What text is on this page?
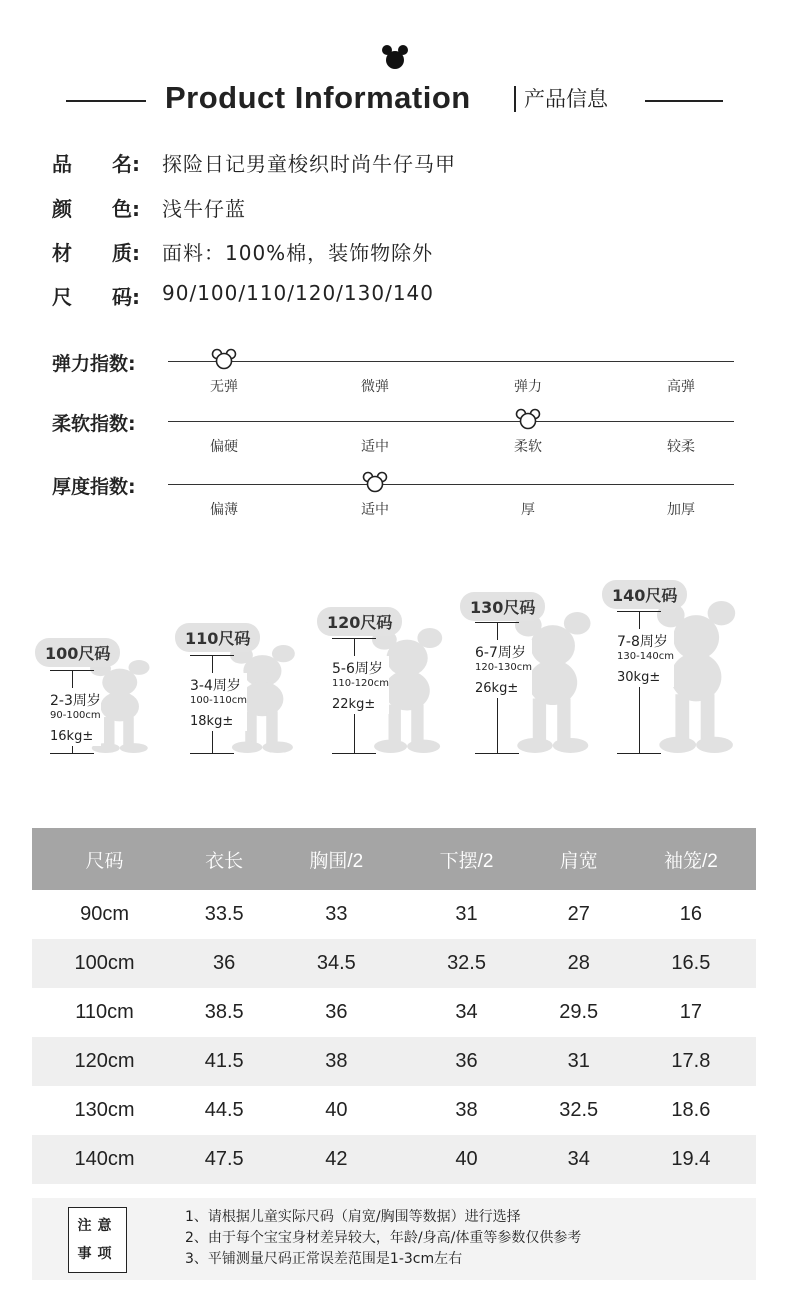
Product Information	产品信息
尺码	衣长	胸围/2	下摆/2	肩宽	袖笼/2
90cm	33.5	33	31	27	16
100cm	36	34.5	32.5	28	16.5
110cm	38.5	36	34	29.5	17
120cm	41.5	38	36	31	17.8
130cm	44.5	40	38	32.5	18.6
140cm	47.5	42	40	34	19.4
注意
事项
1、请根据儿童实际尺码（肩宽/胸围等数据）进行选择
2、由于每个宝宝身材差异较大，年龄/身高/体重等参数仅供参考
3、平铺测量尺码正常误差范围是1-3cm左右
品　　名:	探险日记男童梭织时尚牛仔马甲
颜　　色:	浅牛仔蓝
材　　质:	面料：100%棉，装饰物除外
尺　　码:	90/100/110/120/130/140
弹力指数:
无弹	微弹	弹力	高弹
柔软指数:
偏硬	适中	柔软	较柔
厚度指数:
偏薄	适中	厚	加厚
100尺码
2-3周岁
90-100cm
16kg±
110尺码
3-4周岁
100-110cm
18kg±
120尺码
5-6周岁
110-120cm
22kg±
130尺码
6-7周岁
120-130cm
26kg±
140尺码
7-8周岁
130-140cm
30kg±
